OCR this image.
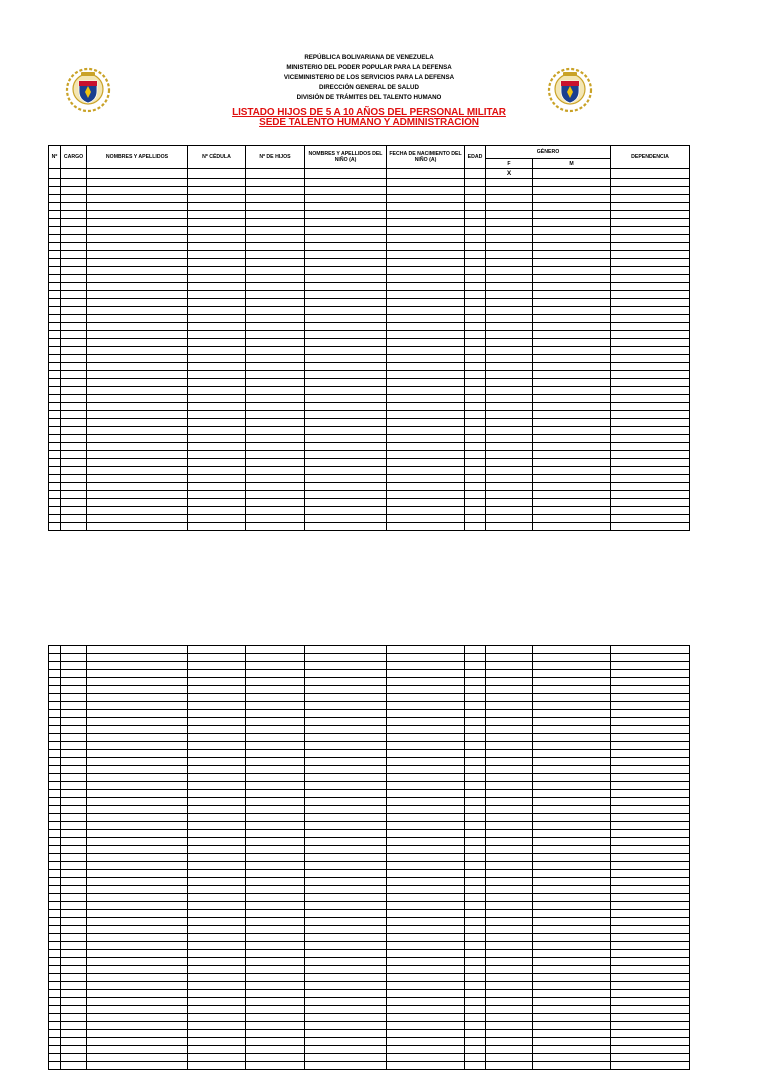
REPÚBLICA BOLIVARIANA DE VENEZUELA
MINISTERIO DEL PODER POPULAR PARA LA DEFENSA
VICEMINISTERIO DE LOS SERVICIOS PARA LA DEFENSA
DIRECCIÓN GENERAL DE SALUD
DIVISIÓN DE TRÁMITES DEL TALENTO HUMANO
LISTADO HIJOS DE 5 A 10 AÑOS DEL PERSONAL MILITAR
SEDE TALENTO HUMANO Y ADMINISTRACIÓN
Nº	CARGO	NOMBRES Y APELLIDOS	Nº CÉDULA	Nº DE HIJOS	NOMBRES Y APELLIDOS DEL NIÑO (A)	FECHA DE NACIMIENTO DEL NIÑO (A)	EDAD	GÉNERO		DEPENDENCIA
								F	M	
								X		
